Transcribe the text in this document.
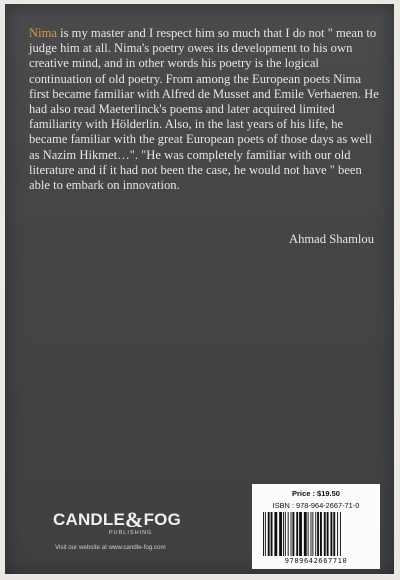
Nima is my master and I respect him so much that I do not " mean to judge him at all. Nima's poetry owes its development to his own creative mind, and in other words his poetry is the logical continuation of old poetry. From among the European poets Nima first became familiar with Alfred de Musset and Emile Verhaeren. He had also read Maeterlinck's poems and later acquired limited familiarity with Hölderlin. Also, in the last years of his life, he became familiar with the great European poets of those days as well as Nazim Hikmet…". "He was completely familiar with our old literature and if it had not been the case, he would not have " been able to embark on innovation.

Ahmad Shamlou
CANDLE&FOG
PUBLISHING
Visit our website at www.candle-fog.com
Price : $19.50
ISBN : 978-964-2667-71-0
9789642667710
